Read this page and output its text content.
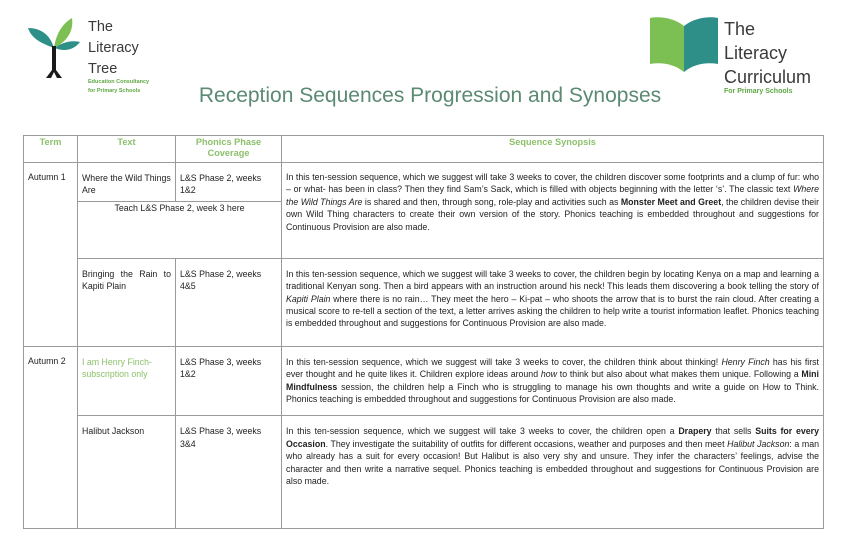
The
Literacy
Tree
Education Consultancy
for Primary Schools
The
Literacy
Curriculum
For Primary Schools
Reception Sequences Progression and Synopses
Term	Text	Phonics Phase Coverage	Sequence Synopsis
Autumn 1	Where the Wild Things Are	L&S Phase 2, weeks 1&2	In this ten-session sequence, which we suggest will take 3 weeks to cover, the children discover some footprints and a clump of fur: who – or what- has been in class? Then they find Sam’s Sack, which is filled with objects beginning with the letter ‘s’. The classic text Where the Wild Things Are is shared and then, through song, role-play and activities such as Monster Meet and Greet, the children devise their own Wild Thing characters to create their own version of the story. Phonics teaching is embedded throughout and suggestions for Continuous Provision are also made.
	Teach L&S Phase 2, week 3 here		
	Bringing the Rain to Kapiti Plain	L&S Phase 2, weeks 4&5	In this ten-session sequence, which we suggest will take 3 weeks to cover, the children begin by locating Kenya on a map and learning a traditional Kenyan song. Then a bird appears with an instruction around his neck! This leads them discovering a book telling the story of Kapiti Plain where there is no rain… They meet the hero – Ki-pat – who shoots the arrow that is to burst the rain cloud. After creating a musical score to re-tell a section of the text, a letter arrives asking the children to help write a tourist information leaflet. Phonics teaching is embedded throughout and suggestions for Continuous Provision are also made.
Autumn 2	I am Henry Finch- subscription only	L&S Phase 3, weeks 1&2	In this ten-session sequence, which we suggest will take 3 weeks to cover, the children think about thinking! Henry Finch has his first ever thought and he quite likes it. Children explore ideas around how to think but also about what makes them unique. Following a Mini Mindfulness session, the children help a Finch who is struggling to manage his own thoughts and write a guide on How to Think. Phonics teaching is embedded throughout and suggestions for Continuous Provision are also made.
	Halibut Jackson	L&S Phase 3, weeks 3&4	In this ten-session sequence, which we suggest will take 3 weeks to cover, the children open a Drapery that sells Suits for every Occasion. They investigate the suitability of outfits for different occasions, weather and purposes and then meet Halibut Jackson: a man who already has a suit for every occasion! But Halibut is also very shy and unsure. They infer the characters’ feelings, advise the character and then write a narrative sequel. Phonics teaching is embedded throughout and suggestions for Continuous Provision are also made.
